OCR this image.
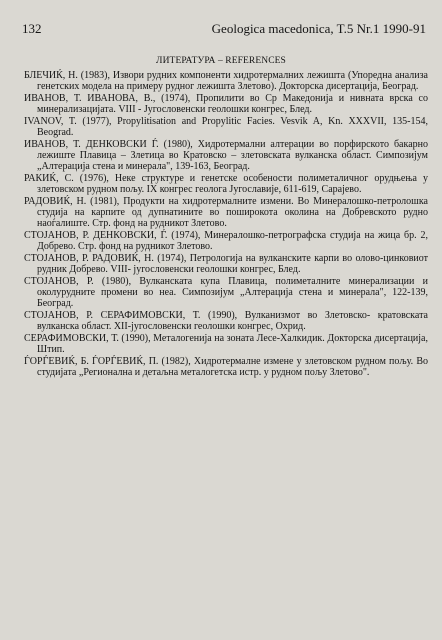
132	Geologica macedonica, T.5 Nr.1 1990-91
ЛИТЕРАТУРА – REFERENCES
БЛЕЧИЌ, Н. (1983), Извори рудних компоненти хидротермалних лежишта (Упоредна анализа генетских модела на примеру рудног лежишта Злетово). Докторска дисертација, Београд.
ИВАНОВ, Т. ИВАНОВА, В., (1974), Пропилити во Ср Македонија и нивната врска со минерализацијата. VIII - Југословенски геолошки конгрес, Блед.
IVANOV, T. (1977), Propylitisation and Propylitic Facies. Vesvik A, Kn. XXXVII, 135-154, Beograd.
ИВАНОВ, Т. ДЕНКОВСКИ Ѓ. (1980), Хидротермални алтерации во порфирското бакарно лежиште Плавица – Злетица во Кратовско – злетовската вулканска област. Симпозијум „Алтерација стена и минерала", 139-163, Београд.
РАКИЌ, С. (1976), Неке структуре и генетске особености полиметаличног орудњења у злетовском рудном пољу. IX конгрес геолога Југославије, 611-619, Сарајево.
РАДОВИЌ, Н. (1981), Продукти на хидротермалните измени. Во Минералошко-петролошка студија на карпите од дупнатините во поширокота околина на Добревското рудно наоѓалиште. Стр. фонд на рудникот Злетово.
СТОЈАНОВ, Р. ДЕНКОВСКИ, Ѓ. (1974), Минералошко-петрографска студија на жица бр. 2, Добрево. Стр. фонд на рудникот Злетово.
СТОЈАНОВ, Р. РАДОВИЌ, Н. (1974), Петрологија на вулканските карпи во олово-цинковиот рудник Добрево. VIII- југословенски геолошки конгрес, Блед.
СТОЈАНОВ, Р. (1980), Вулканската купа Плавица, полиметалните минерализации и околурудните промени во неа. Симпозијум „Алтерација стена и минерала", 122-139, Београд.
СТОЈАНОВ, Р. СЕРАФИМОВСКИ, Т. (1990), Вулканизмот во Злетовско- кратовската вулканска област. XII-југословенски геолошки конгрес, Охрид.
СЕРАФИМОВСКИ, Т. (1990), Металогенија на зоната Лece-Халкидик. Докторска дисертација, Штип.
ЃОРЃЕВИЌ, Б. ЃОРЃЕВИЌ, П. (1982), Хидротермалне измене у злетовском рудном пољу. Во студијата „Регионална и детаљна металогетска истр. у рудном пољу Злетово".
